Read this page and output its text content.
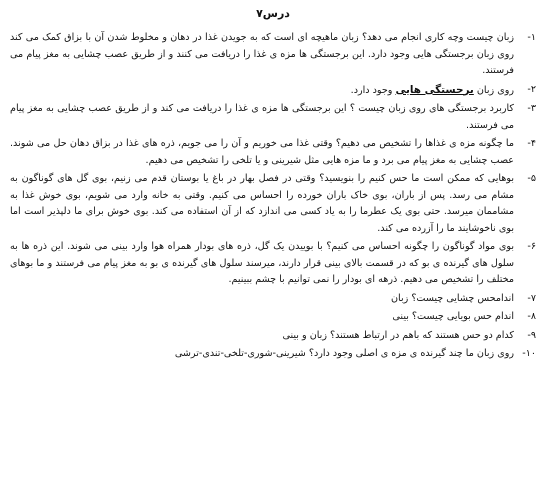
درس۷
۱-
زبان چیست وچه کاری انجام می دهد؟ زبان ماهیچه ای است که به جویدن غذا در دهان و مخلوط شدن آن با بزاق کمک می کند روی زبان برجستگی هایی وجود دارد. این برجستگی ها مزه ی غذا را دریافت می کنند و از طریق عصب چشایی به مغز پیام می فرستند.
۲-
روی زبان برجستگی هایی وجود دارد.
۳-
کاربرد برجستگی های روی زبان چیست ؟ این برجستگی ها مزه ی غذا را دریافت می کند و از طریق عصب چشایی به مغز پیام می فرستند.
۴-
ما چگونه مزه ی غذاها را تشخیص می دهیم؟ وقتی غذا می خوریم و آن را می جویم، ذره های غذا در بزاق دهان حل می شوند. عصب چشایی به مغز پیام می برد و ما مزه هایی مثل شیرینی و یا تلخی را تشخیص می دهیم.
۵-
بوهایی که ممکن است ما حس کنیم را بنویسید؟ وقتی در فصل بهار در باغ یا بوستان قدم می زنیم، بوی گل های گوناگون به مشام می رسد. پس از باران، بوی خاک باران خورده را احساس می کنیم. وقتی به خانه وارد می شویم، بوی خوش غذا به مشاممان میرسد. حتی بوی یک عطرما را به یاد کسی می اندازد که از آن استفاده می کند. بوی خوش برای ما دلپذیر است اما بوی ناخوشایند ما را آزرده می کند.
۶-
بوی مواد گوناگون را چگونه احساس می کنیم؟ با بوییدن یک گل، ذره های بودار همراه هوا وارد بینی می شوند. این ذره ها به سلول های گیرنده ی بو که در قسمت بالای بینی قرار دارند، میرسند سلول های گیرنده ی بو به مغز پیام می فرستند و ما بوهای مختلف را تشخیص می دهیم. ذرهه ای بودار را نمی توانیم با چشم ببینیم.
۷-
اندامحس چشایی چیست؟ زبان
۸-
اندام حس بویایی چیست؟ بینی
۹-
کدام دو حس هستند که باهم در ارتباط هستند؟ زبان و بینی
۱۰-
روی زبان ما چند گیرنده ی مزه ی اصلی وجود دارد؟ شیرینی-شوری-تلخی-تندی-ترشی
